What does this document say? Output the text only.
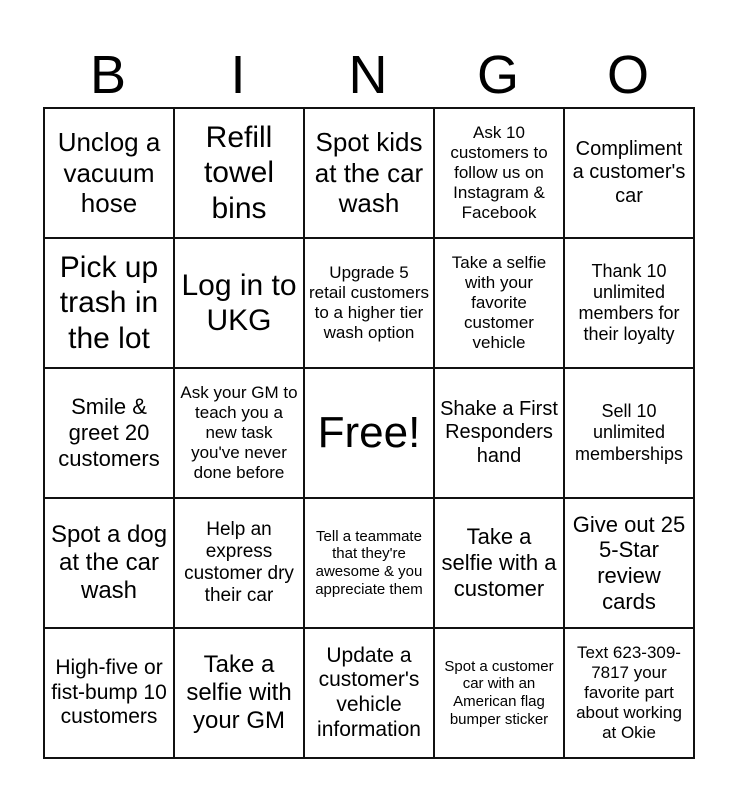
B	I	N	G	O
Unclog a vacuum hose	Refill towel bins	Spot kids at the car wash	Ask 10 customers to follow us on Instagram & Facebook	Compliment a customer's car
Pick up trash in the lot	Log in to UKG	Upgrade 5 retail customers to a higher tier wash option	Take a selfie with your favorite customer vehicle	Thank 10 unlimited members for their loyalty
Smile & greet 20 customers	Ask your GM to teach you a new task you've never done before	Free!	Shake a First Responders hand	Sell 10 unlimited memberships
Spot a dog at the car wash	Help an express customer dry their car	Tell a teammate that they're awesome & you appreciate them	Take a selfie with a customer	Give out 25 5-Star review cards
High-five or fist-bump 10 customers	Take a selfie with your GM	Update a customer's vehicle information	Spot a customer car with an American flag bumper sticker	Text 623-309-7817 your favorite part about working at Okie
